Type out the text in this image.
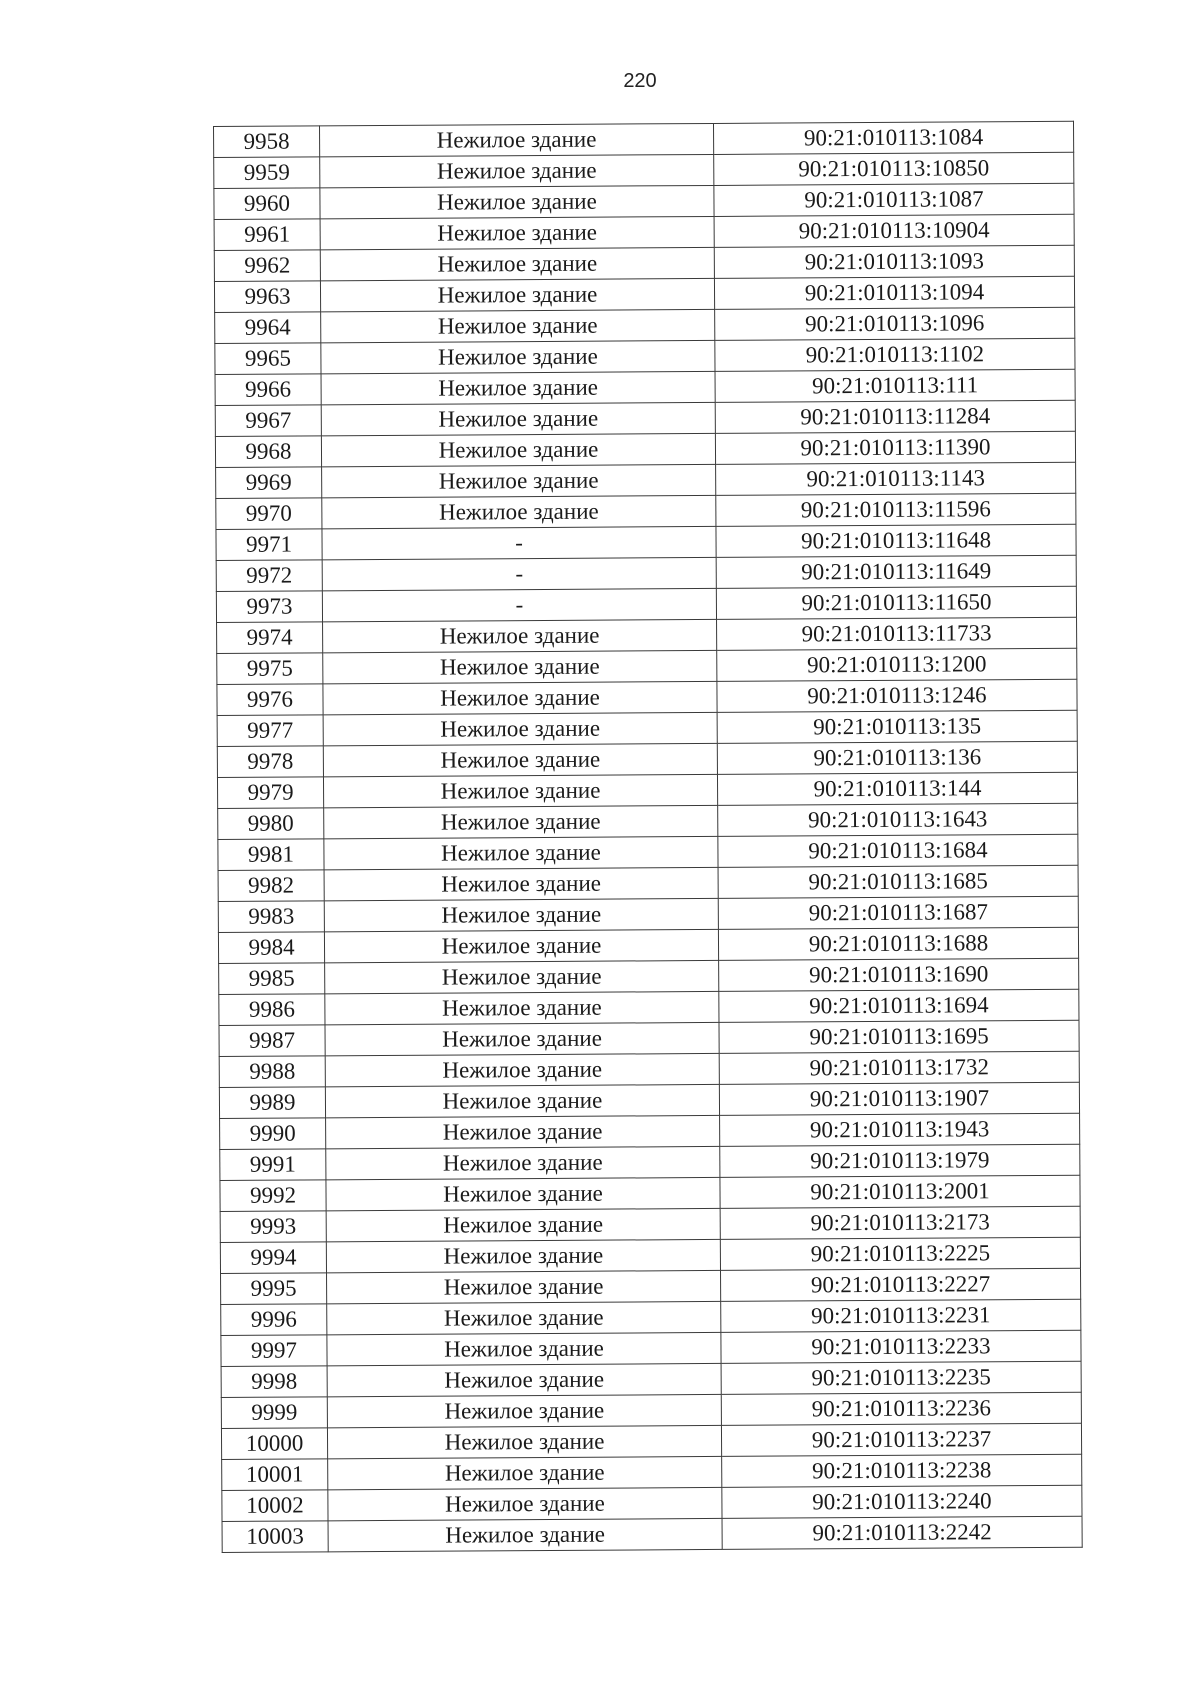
220
9958	Нежилое здание	90:21:010113:1084
9959	Нежилое здание	90:21:010113:10850
9960	Нежилое здание	90:21:010113:1087
9961	Нежилое здание	90:21:010113:10904
9962	Нежилое здание	90:21:010113:1093
9963	Нежилое здание	90:21:010113:1094
9964	Нежилое здание	90:21:010113:1096
9965	Нежилое здание	90:21:010113:1102
9966	Нежилое здание	90:21:010113:111
9967	Нежилое здание	90:21:010113:11284
9968	Нежилое здание	90:21:010113:11390
9969	Нежилое здание	90:21:010113:1143
9970	Нежилое здание	90:21:010113:11596
9971	-	90:21:010113:11648
9972	-	90:21:010113:11649
9973	-	90:21:010113:11650
9974	Нежилое здание	90:21:010113:11733
9975	Нежилое здание	90:21:010113:1200
9976	Нежилое здание	90:21:010113:1246
9977	Нежилое здание	90:21:010113:135
9978	Нежилое здание	90:21:010113:136
9979	Нежилое здание	90:21:010113:144
9980	Нежилое здание	90:21:010113:1643
9981	Нежилое здание	90:21:010113:1684
9982	Нежилое здание	90:21:010113:1685
9983	Нежилое здание	90:21:010113:1687
9984	Нежилое здание	90:21:010113:1688
9985	Нежилое здание	90:21:010113:1690
9986	Нежилое здание	90:21:010113:1694
9987	Нежилое здание	90:21:010113:1695
9988	Нежилое здание	90:21:010113:1732
9989	Нежилое здание	90:21:010113:1907
9990	Нежилое здание	90:21:010113:1943
9991	Нежилое здание	90:21:010113:1979
9992	Нежилое здание	90:21:010113:2001
9993	Нежилое здание	90:21:010113:2173
9994	Нежилое здание	90:21:010113:2225
9995	Нежилое здание	90:21:010113:2227
9996	Нежилое здание	90:21:010113:2231
9997	Нежилое здание	90:21:010113:2233
9998	Нежилое здание	90:21:010113:2235
9999	Нежилое здание	90:21:010113:2236
10000	Нежилое здание	90:21:010113:2237
10001	Нежилое здание	90:21:010113:2238
10002	Нежилое здание	90:21:010113:2240
10003	Нежилое здание	90:21:010113:2242
